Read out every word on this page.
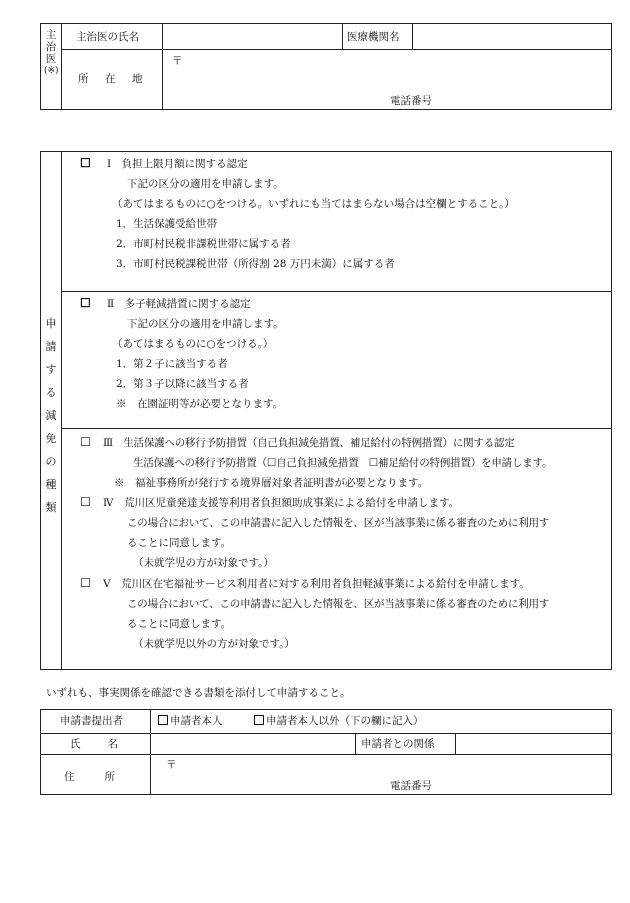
主
治
医
(※)
主治医の氏名	医療機関名
所　在　地
〒
電話番号
申
請
す
る
減
免
の
種
類
☐ Ⅰ　負担上限月額に関する認定
下記の区分の適用を申請します。
（あてはまるものに○をつける。いずれにも当てはまらない場合は空欄とすること。）
1．生活保護受給世帯
2．市町村民税非課税世帯に属する者
3．市町村民税課税世帯（所得割 28 万円未満）に属する者
☐ Ⅱ　多子軽減措置に関する認定
下記の区分の適用を申請します。
（あてはまるものに○をつける。）
1．第２子に該当する者
2．第３子以降に該当する者
※　在園証明等が必要となります。
☐ Ⅲ　生活保護への移行予防措置（自己負担減免措置、補足給付の特例措置）に関する認定
生活保護への移行予防措置（☐自己負担減免措置　☐補足給付の特例措置）を申請します。
※　福祉事務所が発行する境界層対象者証明書が必要となります。
☐ Ⅳ　荒川区児童発達支援等利用者負担額助成事業による給付を申請します。
この場合において、この申請書に記入した情報を、区が当該事業に係る審査のために利用す
ることに同意します。
（未就学児の方が対象です。）
☐ Ⅴ　荒川区在宅福祉サービス利用者に対する利用者負担軽減事業による給付を申請します。
この場合において、この申請書に記入した情報を、区が当該事業に係る審査のために利用す
ることに同意します。
（未就学児以外の方が対象です。）
いずれも、事実関係を確認できる書類を添付して申請すること。
申請書提出者	申請者本人	申請者本人以外（下の欄に記入）
氏　　名	申請者との関係
住　　所
〒
電話番号
